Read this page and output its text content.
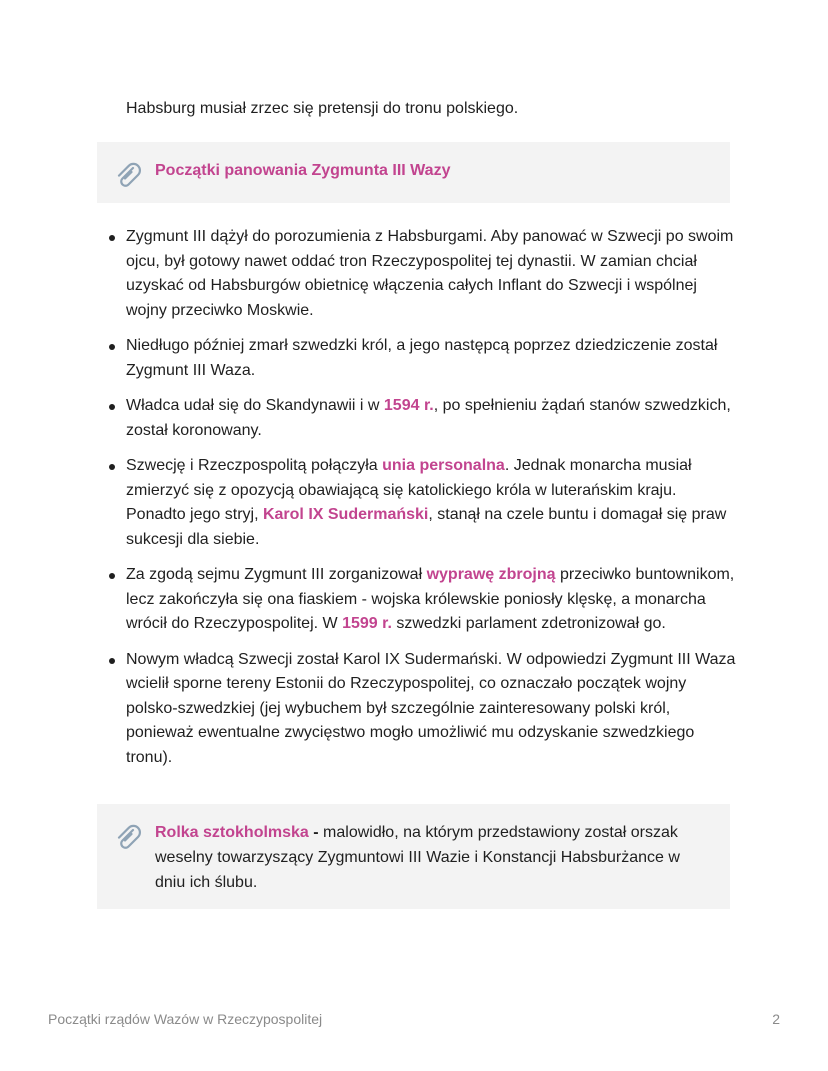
Habsburg musiał zrzec się pretensji do tronu polskiego.
Początki panowania Zygmunta III Wazy
Zygmunt III dążył do porozumienia z Habsburgami. Aby panować w Szwecji po swoim ojcu, był gotowy nawet oddać tron Rzeczypospolitej tej dynastii. W zamian chciał uzyskać od Habsburgów obietnicę włączenia całych Inflant do Szwecji i wspólnej wojny przeciwko Moskwie.
Niedługo później zmarł szwedzki król, a jego następcą poprzez dziedziczenie został Zygmunt III Waza.
Władca udał się do Skandynawii i w 1594 r., po spełnieniu żądań stanów szwedzkich, został koronowany.
Szwecję i Rzeczpospolitą połączyła unia personalna. Jednak monarcha musiał zmierzyć się z opozycją obawiającą się katolickiego króla w luterańskim kraju. Ponadto jego stryj, Karol IX Sudermański, stanął na czele buntu i domagał się praw sukcesji dla siebie.
Za zgodą sejmu Zygmunt III zorganizował wyprawę zbrojną przeciwko buntownikom, lecz zakończyła się ona fiaskiem - wojska królewskie poniosły klęskę, a monarcha wrócił do Rzeczypospolitej. W 1599 r. szwedzki parlament zdetronizował go.
Nowym władcą Szwecji został Karol IX Sudermański. W odpowiedzi Zygmunt III Waza wcielił sporne tereny Estonii do Rzeczypospolitej, co oznaczało początek wojny polsko-szwedzkiej (jej wybuchem był szczególnie zainteresowany polski król, ponieważ ewentualne zwycięstwo mogło umożliwić mu odzyskanie szwedzkiego tronu).
Rolka sztokholmska - malowidło, na którym przedstawiony został orszak weselny towarzyszący Zygmuntowi III Wazie i Konstancji Habsburżance w dniu ich ślubu.
Początki rządów Wazów w Rzeczypospolitej	2
